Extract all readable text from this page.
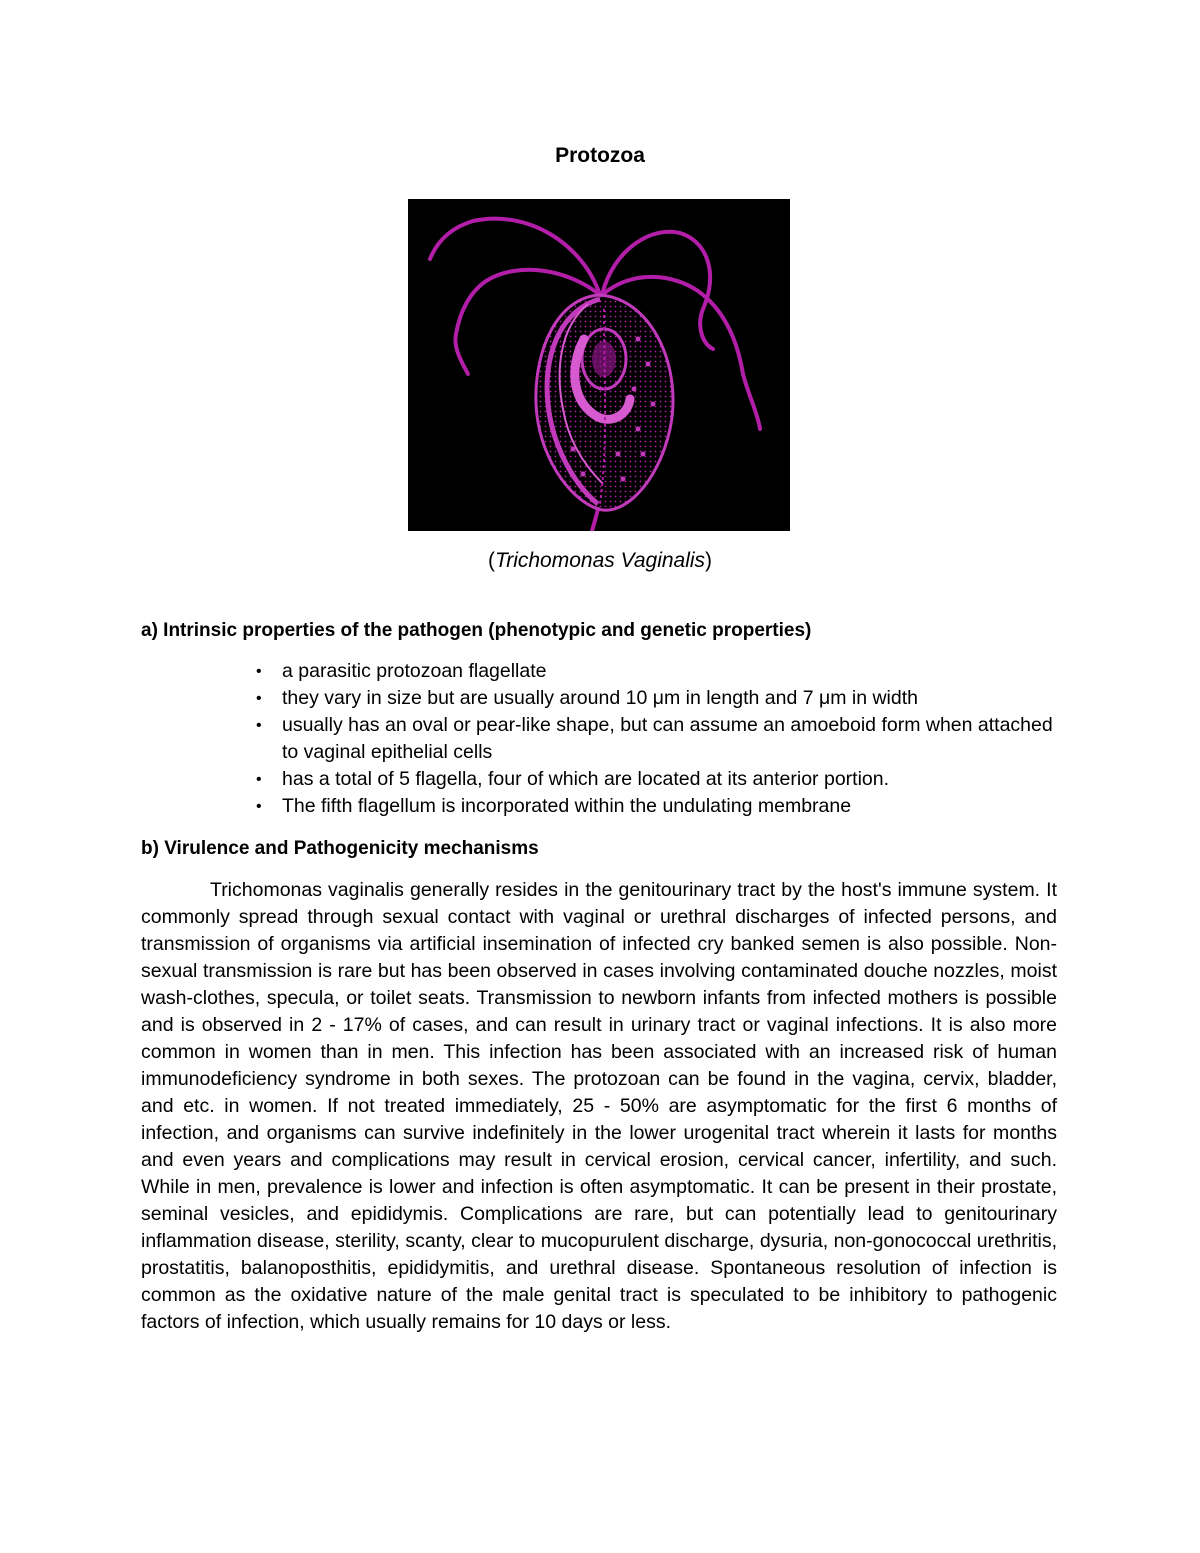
Protozoa
(Trichomonas Vaginalis)
a) Intrinsic properties of the pathogen (phenotypic and genetic properties)
• a parasitic protozoan flagellate
• they vary in size but are usually around 10 μm in length and 7 μm in width
• usually has an oval or pear-like shape, but can assume an amoeboid form when attached to vaginal epithelial cells
• has a total of 5 flagella, four of which are located at its anterior portion.
• The fifth flagellum is incorporated within the undulating membrane
b) Virulence and Pathogenicity mechanisms

Trichomonas vaginalis generally resides in the genitourinary tract by the host's immune system. It commonly spread through sexual contact with vaginal or urethral discharges of infected persons, and transmission of organisms via artificial insemination of infected cry banked semen is also possible. Non-sexual transmission is rare but has been observed in cases involving contaminated douche nozzles, moist wash-clothes, specula, or toilet seats. Transmission to newborn infants from infected mothers is possible and is observed in 2 - 17% of cases, and can result in urinary tract or vaginal infections. It is also more common in women than in men. This infection has been associated with an increased risk of human immunodeficiency syndrome in both sexes. The protozoan can be found in the vagina, cervix, bladder, and etc. in women. If not treated immediately, 25 - 50% are asymptomatic for the first 6 months of infection, and organisms can survive indefinitely in the lower urogenital tract wherein it lasts for months and even years and complications may result in cervical erosion, cervical cancer, infertility, and such. While in men, prevalence is lower and infection is often asymptomatic. It can be present in their prostate, seminal vesicles, and epididymis. Complications are rare, but can potentially lead to genitourinary inflammation disease, sterility, scanty, clear to mucopurulent discharge, dysuria, non-gonococcal urethritis, prostatitis, balanoposthitis, epididymitis, and urethral disease. Spontaneous resolution of infection is common as the oxidative nature of the male genital tract is speculated to be inhibitory to pathogenic factors of infection, which usually remains for 10 days or less.
